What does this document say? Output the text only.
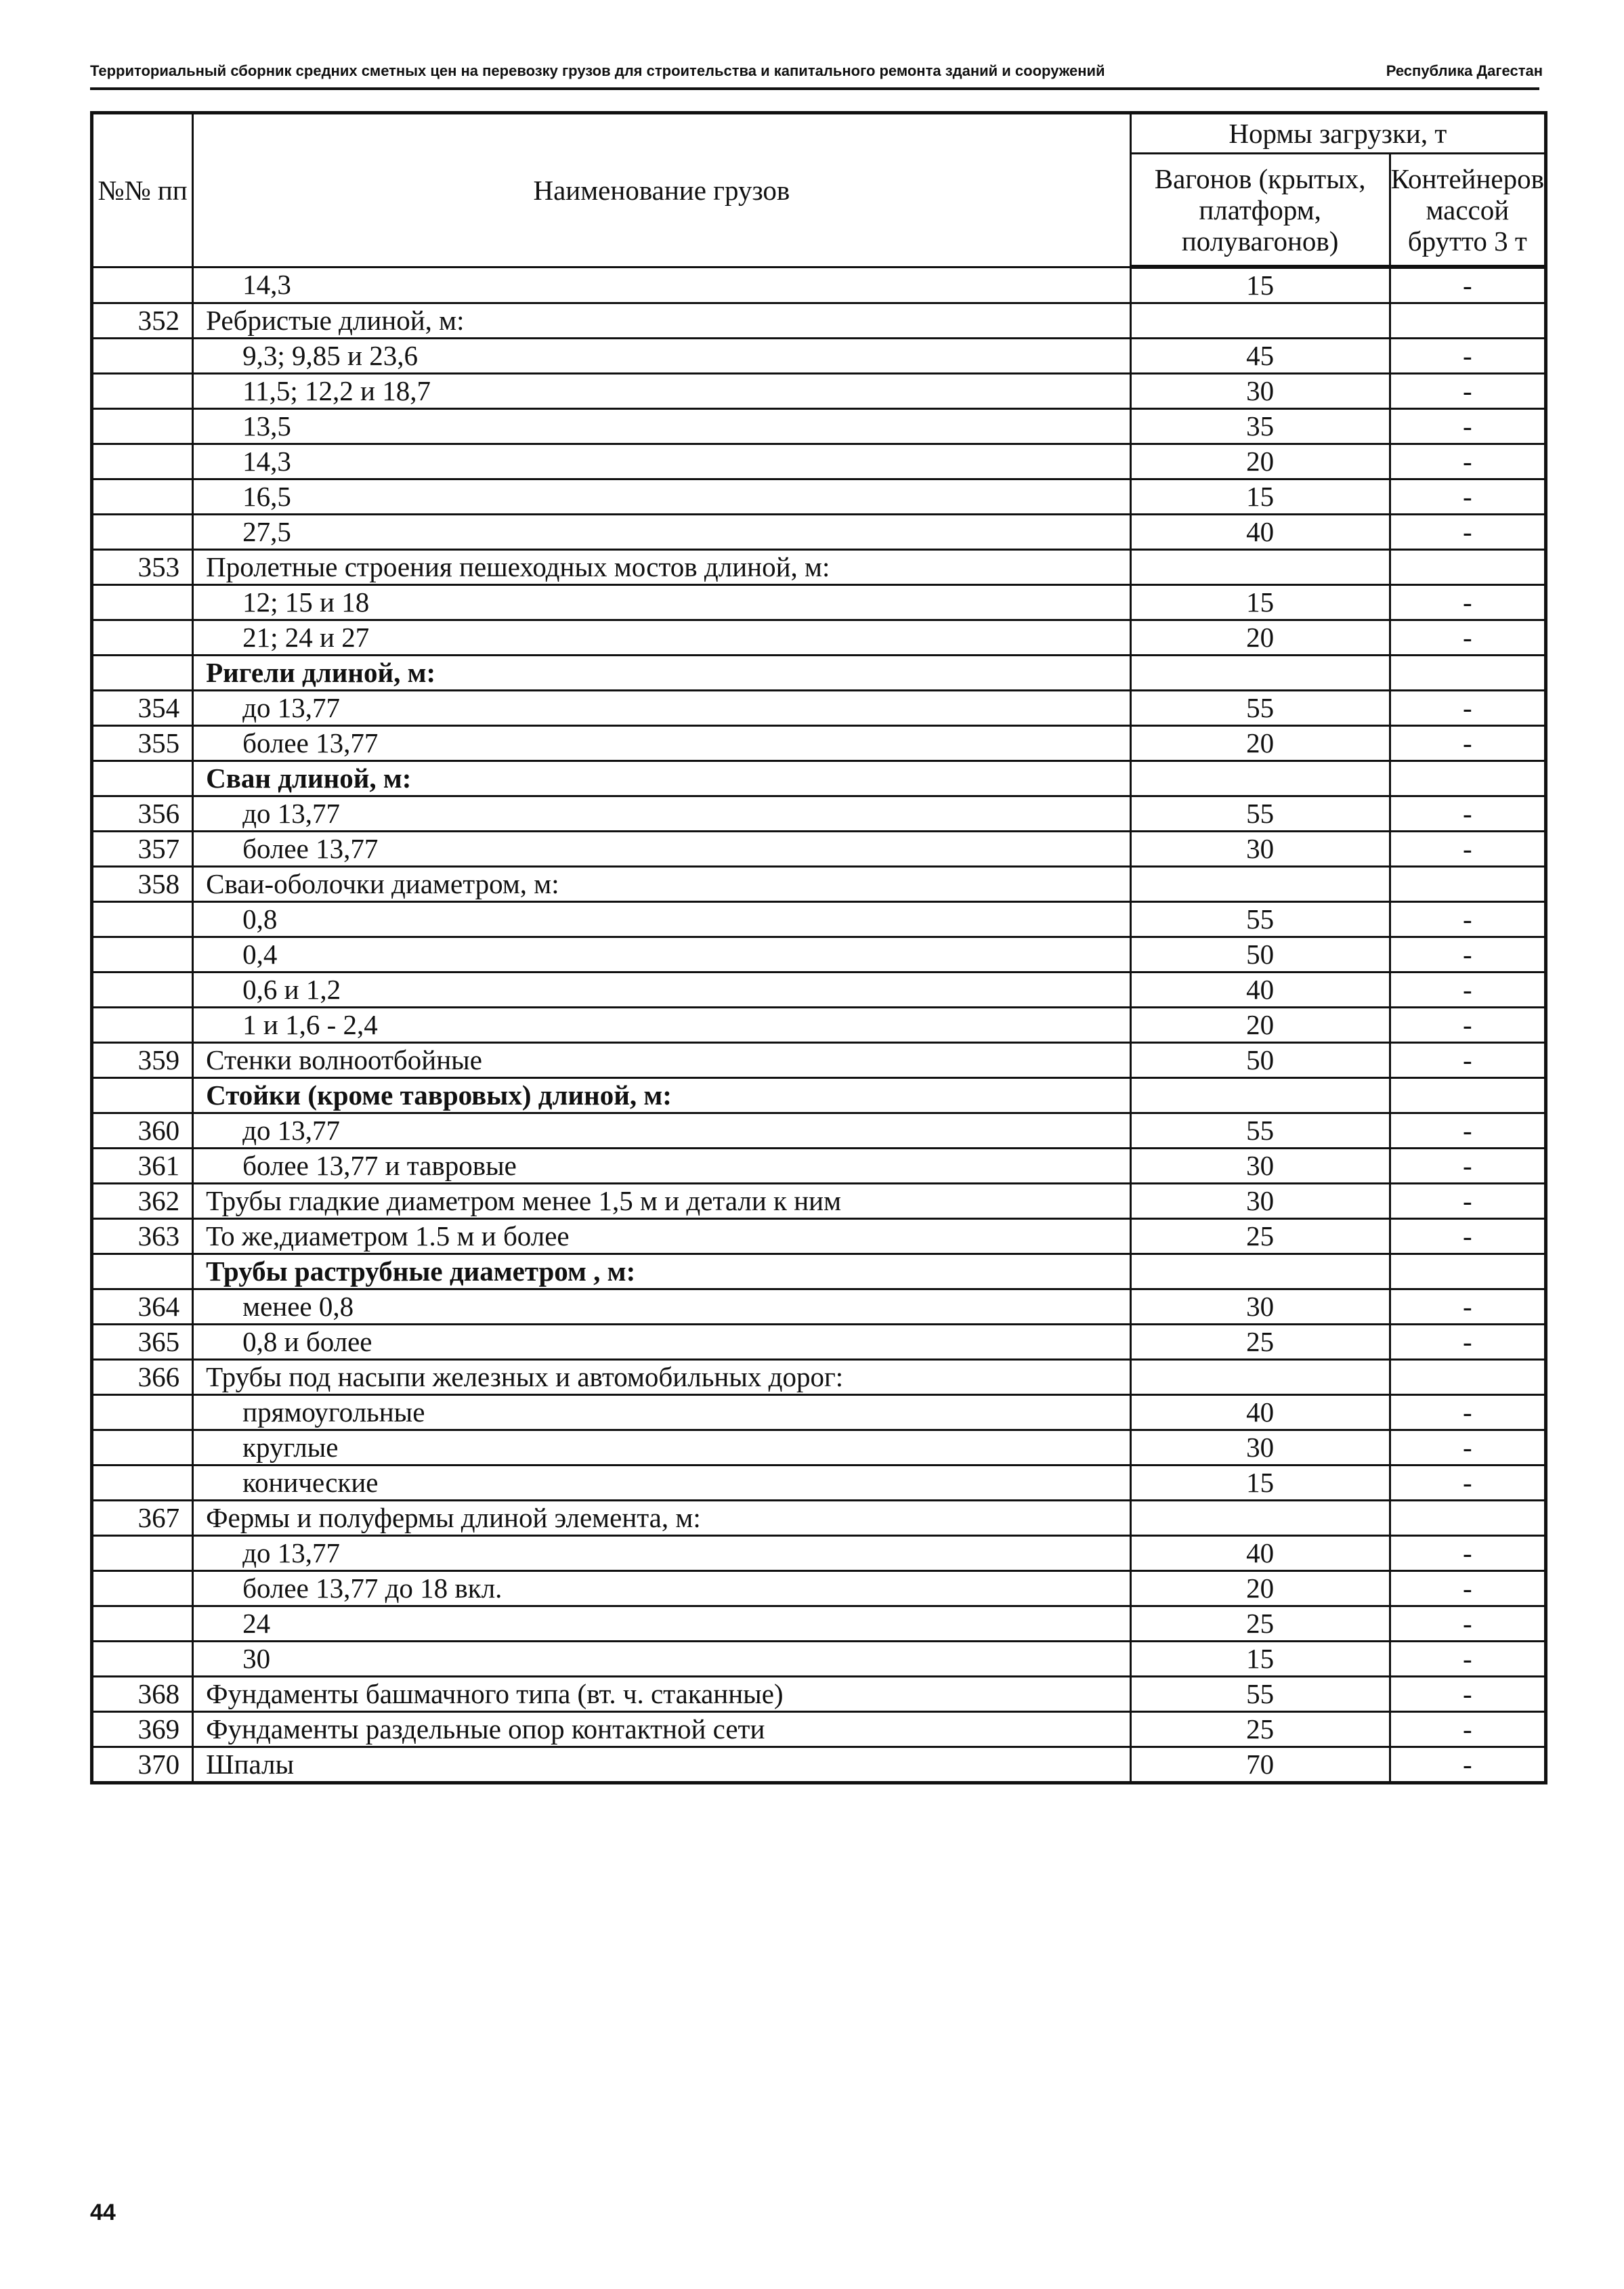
Территориальный сборник средних сметных цен на перевозку грузов для строительства и капитального ремонта зданий и сооружений	Республика Дагестан
№№ пп	Наименование грузов	Нормы загрузки, т	
		Вагонов (крытых, платформ, полувагонов)	Контейнеров массой брутто 3 т
	14,3	15	-
352	Ребристые длиной, м:		
	9,3; 9,85 и 23,6	45	-
	11,5; 12,2 и 18,7	30	-
	13,5	35	-
	14,3	20	-
	16,5	15	-
	27,5	40	-
353	Пролетные строения пешеходных мостов длиной, м:		
	12; 15 и 18	15	-
	21; 24 и 27	20	-
	Ригели длиной, м:		
354	до 13,77	55	-
355	более 13,77	20	-
	Сван длиной, м:		
356	до 13,77	55	-
357	более 13,77	30	-
358	Сваи-оболочки диаметром, м:		
	0,8	55	-
	0,4	50	-
	0,6 и 1,2	40	-
	1 и 1,6 - 2,4	20	-
359	Стенки волноотбойные	50	-
	Стойки (кроме тавровых) длиной, м:		
360	до 13,77	55	-
361	более 13,77 и тавровые	30	-
362	Трубы гладкие диаметром менее 1,5 м и детали к ним	30	-
363	То же,диаметром 1.5 м и более	25	-
	Трубы раструбные диаметром , м:		
364	менее 0,8	30	-
365	0,8 и более	25	-
366	Трубы под насыпи железных и автомобильных дорог:		
	прямоугольные	40	-
	круглые	30	-
	конические	15	-
367	Фермы и полуфермы длиной элемента, м:		
	до 13,77	40	-
	более 13,77 до 18 вкл.	20	-
	24	25	-
	30	15	-
368	Фундаменты башмачного типа (вт. ч. стаканные)	55	-
369	Фундаменты раздельные опор контактной сети	25	-
370	Шпалы	70	-
44
